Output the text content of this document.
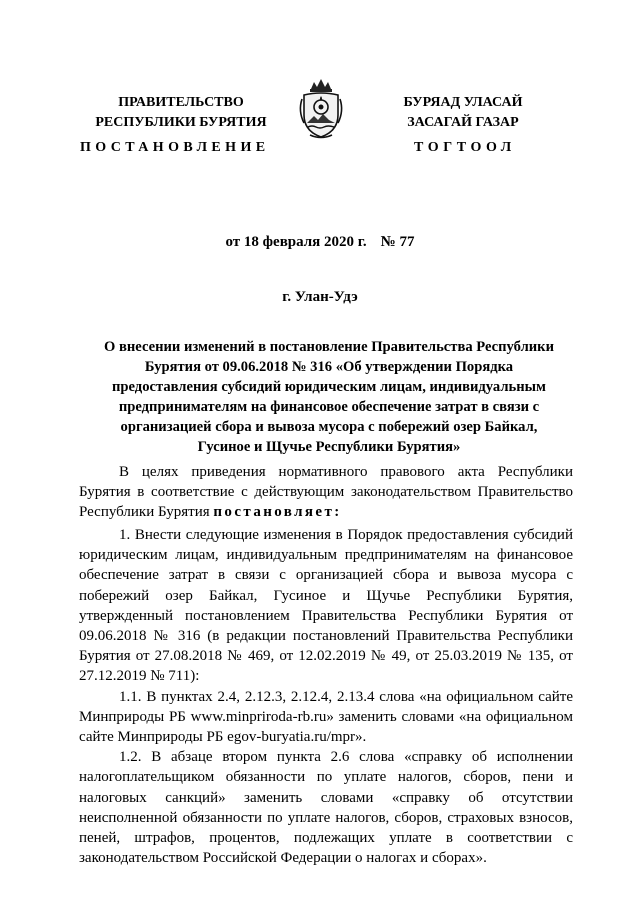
ПРАВИТЕЛЬСТВО
РЕСПУБЛИКИ БУРЯТИЯ
ПОСТАНОВЛЕНИЕ
БУРЯАД УЛАСАЙ
ЗАСАГАЙ ГАЗАР
ТОГТООЛ
от 18 февраля 2020 г. № 77
г. Улан-Удэ
О внесении изменений в постановление Правительства Республики Бурятия от 09.06.2018 № 316 «Об утверждении Порядка предоставления субсидий юридическим лицам, индивидуальным предпринимателям на финансовое обеспечение затрат в связи с организацией сбора и вывоза мусора с побережий озер Байкал, Гусиное и Щучье Республики Бурятия»

В целях приведения нормативного правового акта Республики Бурятия в соответствие с действующим законодательством Правительство Республики Бурятия постановляет:

1. Внести следующие изменения в Порядок предоставления субсидий юридическим лицам, индивидуальным предпринимателям на финансовое обеспечение затрат в связи с организацией сбора и вывоза мусора с побережий озер Байкал, Гусиное и Щучье Республики Бурятия, утвержденный постановлением Правительства Республики Бурятия от 09.06.2018 № 316 (в редакции постановлений Правительства Республики Бурятия от 27.08.2018 № 469, от 12.02.2019 № 49, от 25.03.2019 № 135, от 27.12.2019 № 711):

1.1. В пунктах 2.4, 2.12.3, 2.12.4, 2.13.4 слова «на официальном сайте Минприроды РБ www.minpriroda-rb.ru» заменить словами «на официальном сайте Минприроды РБ egov-buryatia.ru/mpr».

1.2. В абзаце втором пункта 2.6 слова «справку об исполнении налогоплательщиком обязанности по уплате налогов, сборов, пени и налоговых санкций» заменить словами «справку об отсутствии неисполненной обязанности по уплате налогов, сборов, страховых взносов, пеней, штрафов, процентов, подлежащих уплате в соответствии с законодательством Российской Федерации о налогах и сборах».
